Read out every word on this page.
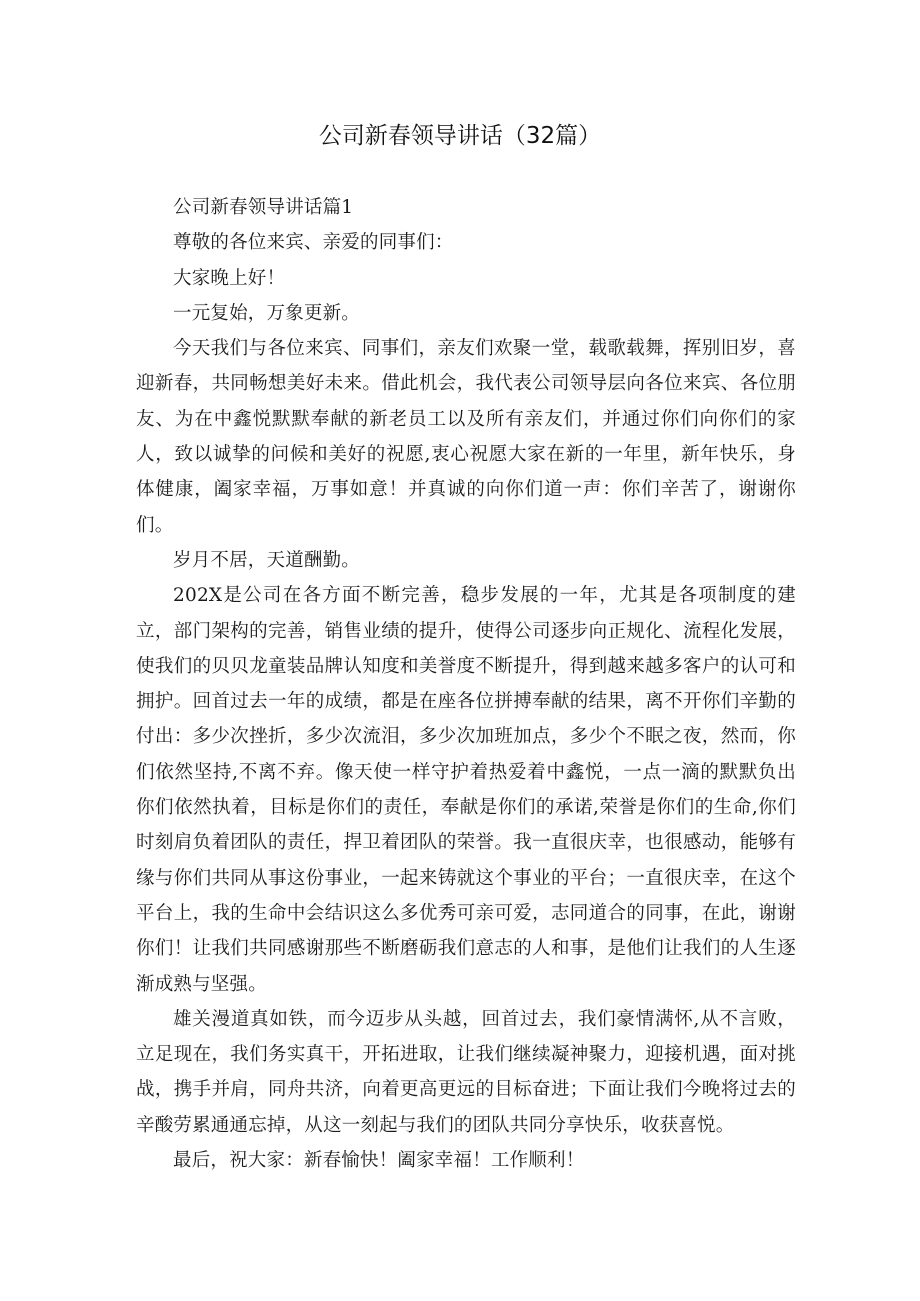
公司新春领导讲话（32篇）

公司新春领导讲话篇1

尊敬的各位来宾、亲爱的同事们：

大家晚上好！

一元复始，万象更新。

今天我们与各位来宾、同事们，亲友们欢聚一堂，载歌载舞，挥别旧岁，喜迎新春，共同畅想美好未来。借此机会，我代表公司领导层向各位来宾、各位朋友、为在中鑫悦默默奉献的新老员工以及所有亲友们，并通过你们向你们的家人，致以诚挚的问候和美好的祝愿,衷心祝愿大家在新的一年里，新年快乐，身体健康，阖家幸福，万事如意！并真诚的向你们道一声：你们辛苦了，谢谢你们。

岁月不居，天道酬勤。

202X是公司在各方面不断完善，稳步发展的一年，尤其是各项制度的建立，部门架构的完善，销售业绩的提升，使得公司逐步向正规化、流程化发展，使我们的贝贝龙童装品牌认知度和美誉度不断提升，得到越来越多客户的认可和拥护。回首过去一年的成绩，都是在座各位拼搏奉献的结果，离不开你们辛勤的付出：多少次挫折，多少次流泪，多少次加班加点，多少个不眠之夜，然而，你们依然坚持,不离不弃。像天使一样守护着热爱着中鑫悦，一点一滴的默默负出你们依然执着，目标是你们的责任，奉献是你们的承诺,荣誉是你们的生命,你们时刻肩负着团队的责任，捍卫着团队的荣誉。我一直很庆幸，也很感动，能够有缘与你们共同从事这份事业，一起来铸就这个事业的平台；一直很庆幸，在这个平台上，我的生命中会结识这么多优秀可亲可爱，志同道合的同事，在此，谢谢你们！让我们共同感谢那些不断磨砺我们意志的人和事，是他们让我们的人生逐渐成熟与坚强。

雄关漫道真如铁，而今迈步从头越，回首过去，我们豪情满怀,从不言败，立足现在，我们务实真干，开拓进取，让我们继续凝神聚力，迎接机遇，面对挑战，携手并肩，同舟共济，向着更高更远的目标奋进；下面让我们今晚将过去的辛酸劳累通通忘掉，从这一刻起与我们的团队共同分享快乐，收获喜悦。

最后，祝大家：新春愉快！阖家幸福！工作顺利！
